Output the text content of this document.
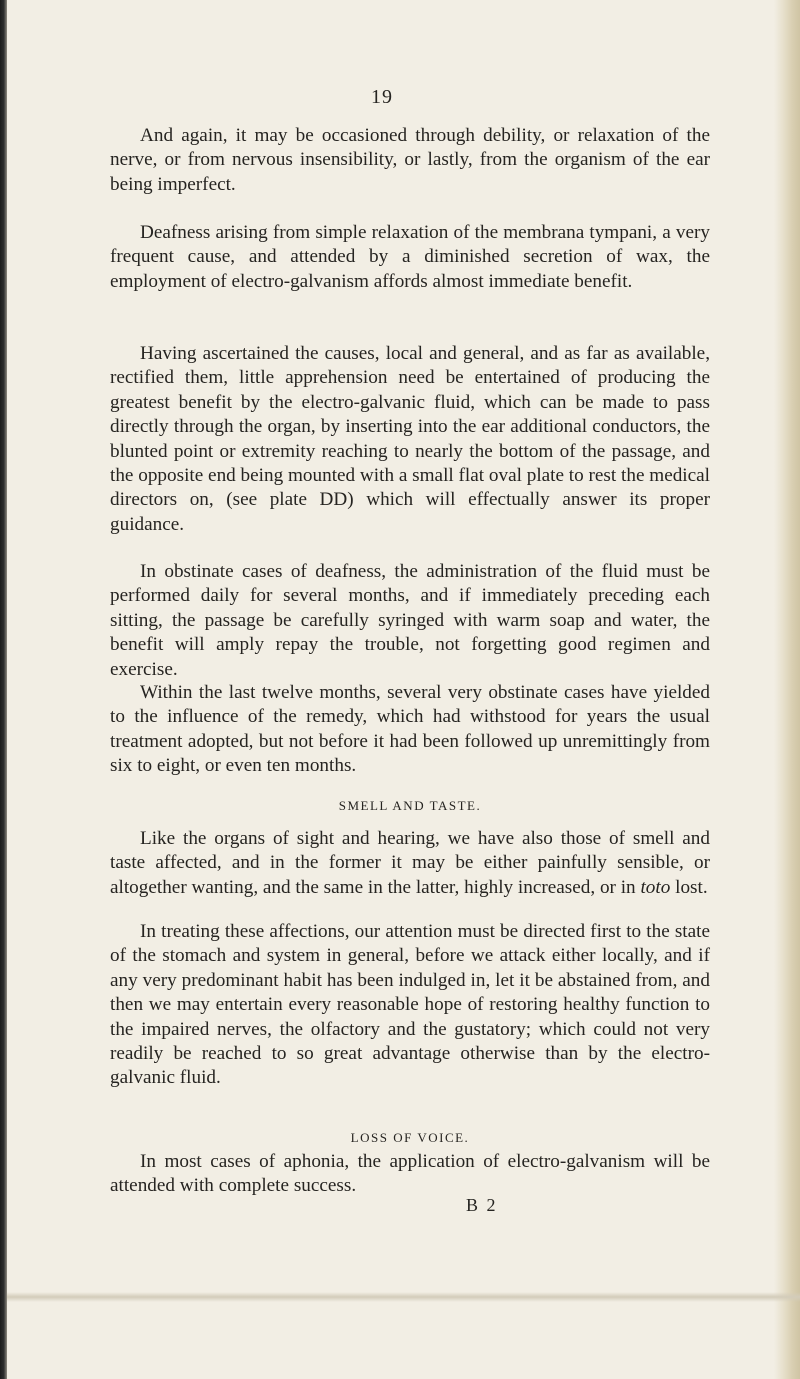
19

And again, it may be occasioned through debility, or relaxation of the nerve, or from nervous insensibility, or lastly, from the organism of the ear being imperfect.

Deafness arising from simple relaxation of the membrana tympani, a very frequent cause, and attended by a diminished secretion of wax, the employment of electro-galvanism affords almost immediate benefit.

Having ascertained the causes, local and general, and as far as available, rectified them, little apprehension need be entertained of producing the greatest benefit by the electro-galvanic fluid, which can be made to pass directly through the organ, by inserting into the ear additional conductors, the blunted point or extremity reaching to nearly the bottom of the passage, and the opposite end being mounted with a small flat oval plate to rest the medical directors on, (see plate DD) which will effectually answer its proper guidance.

In obstinate cases of deafness, the administration of the fluid must be performed daily for several months, and if immediately preceding each sitting, the passage be carefully syringed with warm soap and water, the benefit will amply repay the trouble, not forgetting good regimen and exercise.

Within the last twelve months, several very obstinate cases have yielded to the influence of the remedy, which had withstood for years the usual treatment adopted, but not before it had been followed up unremittingly from six to eight, or even ten months.

SMELL AND TASTE.

Like the organs of sight and hearing, we have also those of smell and taste affected, and in the former it may be either painfully sensible, or altogether wanting, and the same in the latter, highly increased, or in toto lost.

In treating these affections, our attention must be directed first to the state of the stomach and system in general, before we attack either locally, and if any very predominant habit has been indulged in, let it be abstained from, and then we may entertain every reasonable hope of restoring healthy function to the impaired nerves, the olfactory and the gustatory; which could not very readily be reached to so great advantage otherwise than by the electro-galvanic fluid.

LOSS OF VOICE.

In most cases of aphonia, the application of electro-galvanism will be attended with complete success.

B 2
